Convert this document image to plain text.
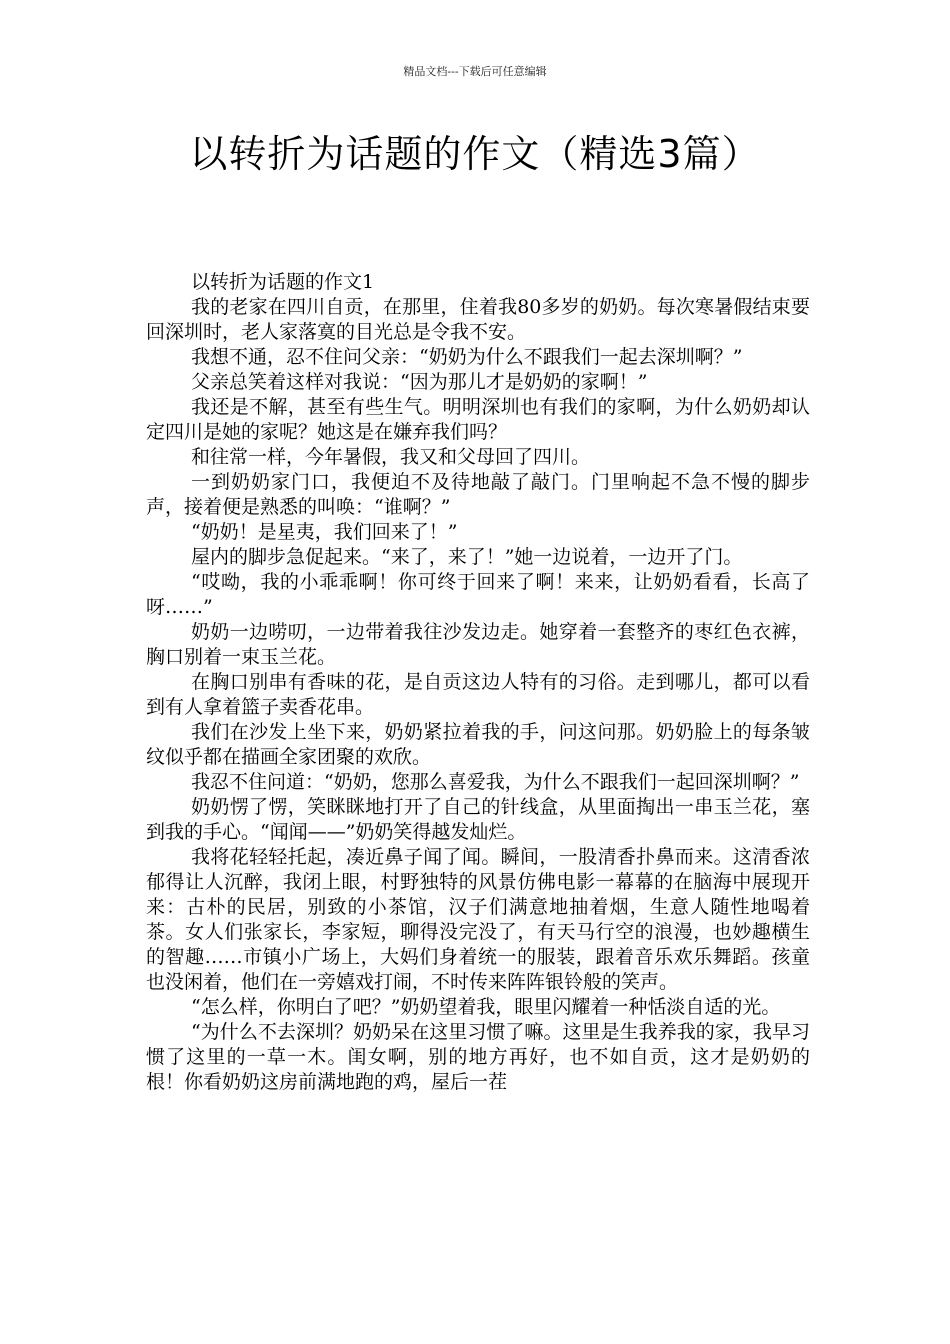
精品文档---下载后可任意编辑
以转折为话题的作文（精选3篇）

以转折为话题的作文1

我的老家在四川自贡，在那里，住着我80多岁的奶奶。每次寒暑假结束要回深圳时，老人家落寞的目光总是令我不安。

我想不通，忍不住问父亲：“奶奶为什么不跟我们一起去深圳啊？”

父亲总笑着这样对我说：“因为那儿才是奶奶的家啊！”

我还是不解，甚至有些生气。明明深圳也有我们的家啊，为什么奶奶却认定四川是她的家呢？她这是在嫌弃我们吗？

和往常一样，今年暑假，我又和父母回了四川。

一到奶奶家门口，我便迫不及待地敲了敲门。门里响起不急不慢的脚步声，接着便是熟悉的叫唤：“谁啊？”

“奶奶！是星夷，我们回来了！”

屋内的脚步急促起来。“来了，来了！”她一边说着，一边开了门。

“哎呦，我的小乖乖啊！你可终于回来了啊！来来，让奶奶看看，长高了呀……”

奶奶一边唠叨，一边带着我往沙发边走。她穿着一套整齐的枣红色衣裤，胸口别着一束玉兰花。

在胸口别串有香味的花，是自贡这边人特有的习俗。走到哪儿，都可以看到有人拿着篮子卖香花串。

我们在沙发上坐下来，奶奶紧拉着我的手，问这问那。奶奶脸上的每条皱纹似乎都在描画全家团聚的欢欣。

我忍不住问道：“奶奶，您那么喜爱我，为什么不跟我们一起回深圳啊？”

奶奶愣了愣，笑眯眯地打开了自己的针线盒，从里面掏出一串玉兰花，塞到我的手心。“闻闻——”奶奶笑得越发灿烂。

我将花轻轻托起，凑近鼻子闻了闻。瞬间，一股清香扑鼻而来。这清香浓郁得让人沉醉，我闭上眼，村野独特的风景仿佛电影一幕幕的在脑海中展现开来：古朴的民居，别致的小茶馆，汉子们满意地抽着烟，生意人随性地喝着茶。女人们张家长，李家短，聊得没完没了，有天马行空的浪漫，也妙趣横生的智趣……市镇小广场上，大妈们身着统一的服装，跟着音乐欢乐舞蹈。孩童也没闲着，他们在一旁嬉戏打闹，不时传来阵阵银铃般的笑声。

“怎么样，你明白了吧？”奶奶望着我，眼里闪耀着一种恬淡自适的光。

“为什么不去深圳？奶奶呆在这里习惯了嘛。这里是生我养我的家，我早习惯了这里的一草一木。闺女啊，别的地方再好，也不如自贡，这才是奶奶的根！你看奶奶这房前满地跑的鸡，屋后一茬
